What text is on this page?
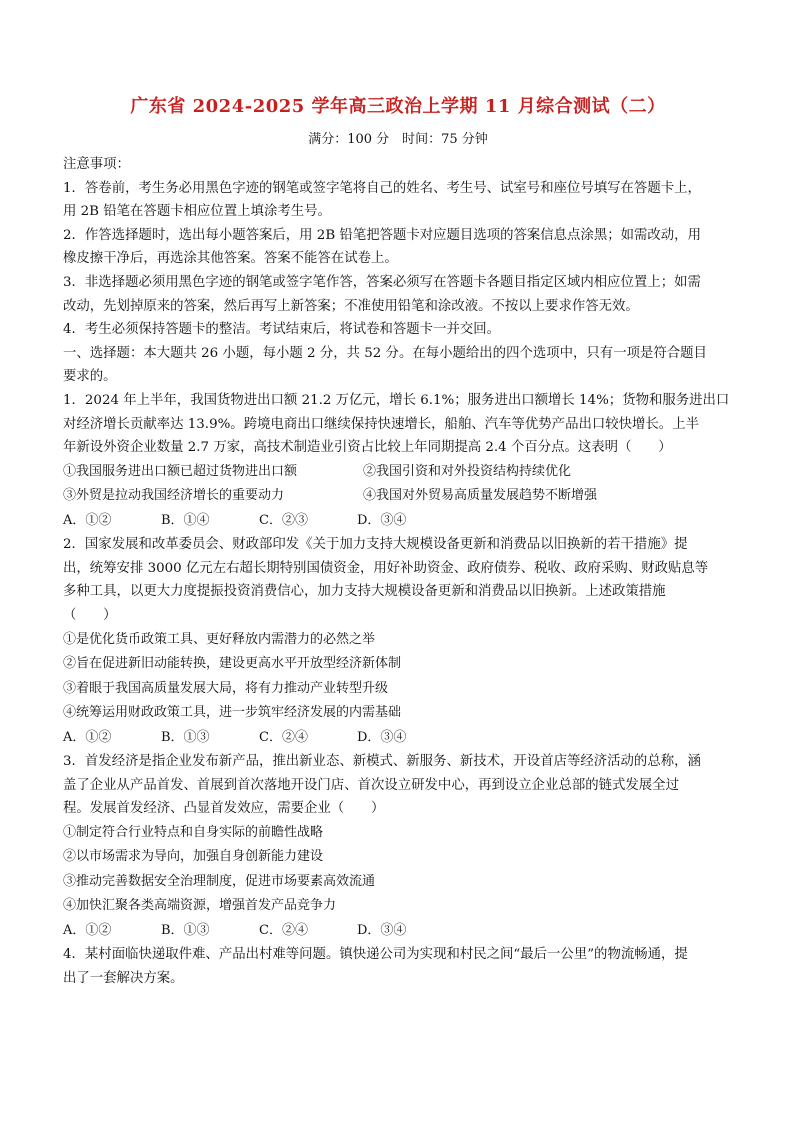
广东省 2024-2025 学年高三政治上学期 11 月综合测试（二）
满分：100 分　时间：75 分钟

注意事项：

1．答卷前，考生务必用黑色字迹的钢笔或签字笔将自己的姓名、考生号、试室号和座位号填写在答题卡上，

用 2B 铅笔在答题卡相应位置上填涂考生号。

2．作答选择题时，选出每小题答案后，用 2B 铅笔把答题卡对应题目选项的答案信息点涂黑；如需改动，用

橡皮擦干净后，再选涂其他答案。答案不能答在试卷上。

3．非选择题必须用黑色字迹的钢笔或签字笔作答，答案必须写在答题卡各题目指定区域内相应位置上；如需

改动，先划掉原来的答案，然后再写上新答案；不准使用铅笔和涂改液。不按以上要求作答无效。

4．考生必须保持答题卡的整洁。考试结束后，将试卷和答题卡一并交回。

一、选择题：本大题共 26 小题，每小题 2 分，共 52 分。在每小题给出的四个选项中，只有一项是符合题目

要求的。

1．2024 年上半年，我国货物进出口额 21.2 万亿元，增长 6.1%；服务进出口额增长 14%；货物和服务进出口

对经济增长贡献率达 13.9%。跨境电商出口继续保持快速增长，船舶、汽车等优势产品出口较快增长。上半

年新设外资企业数量 2.7 万家，高技术制造业引资占比较上年同期提高 2.4 个百分点。这表明（　　）

①我国服务进出口额已超过货物进出口额	②我国引资和对外投资结构持续优化
③外贸是拉动我国经济增长的重要动力	④我国对外贸易高质量发展趋势不断增强
A．①②	B．①④	C．②③	D．③④

2．国家发展和改革委员会、财政部印发《关于加力支持大规模设备更新和消费品以旧换新的若干措施》提

出，统筹安排 3000 亿元左右超长期特别国债资金，用好补助资金、政府债券、税收、政府采购、财政贴息等

多种工具，以更大力度提振投资消费信心，加力支持大规模设备更新和消费品以旧换新。上述政策措施

（　　）

①是优化货币政策工具、更好释放内需潜力的必然之举

②旨在促进新旧动能转换，建设更高水平开放型经济新体制

③着眼于我国高质量发展大局，将有力推动产业转型升级

④统筹运用财政政策工具，进一步筑牢经济发展的内需基础

A．①②	B．①③	C．②④	D．③④

3．首发经济是指企业发布新产品，推出新业态、新模式、新服务、新技术，开设首店等经济活动的总称，涵

盖了企业从产品首发、首展到首次落地开设门店、首次设立研发中心，再到设立企业总部的链式发展全过

程。发展首发经济、凸显首发效应，需要企业（　　）

①制定符合行业特点和自身实际的前瞻性战略

②以市场需求为导向，加强自身创新能力建设

③推动完善数据安全治理制度，促进市场要素高效流通

④加快汇聚各类高端资源，增强首发产品竞争力

A．①②	B．①③	C．②④	D．③④

4．某村面临快递取件难、产品出村难等问题。镇快递公司为实现和村民之间“最后一公里”的物流畅通，提

出了一套解决方案。
